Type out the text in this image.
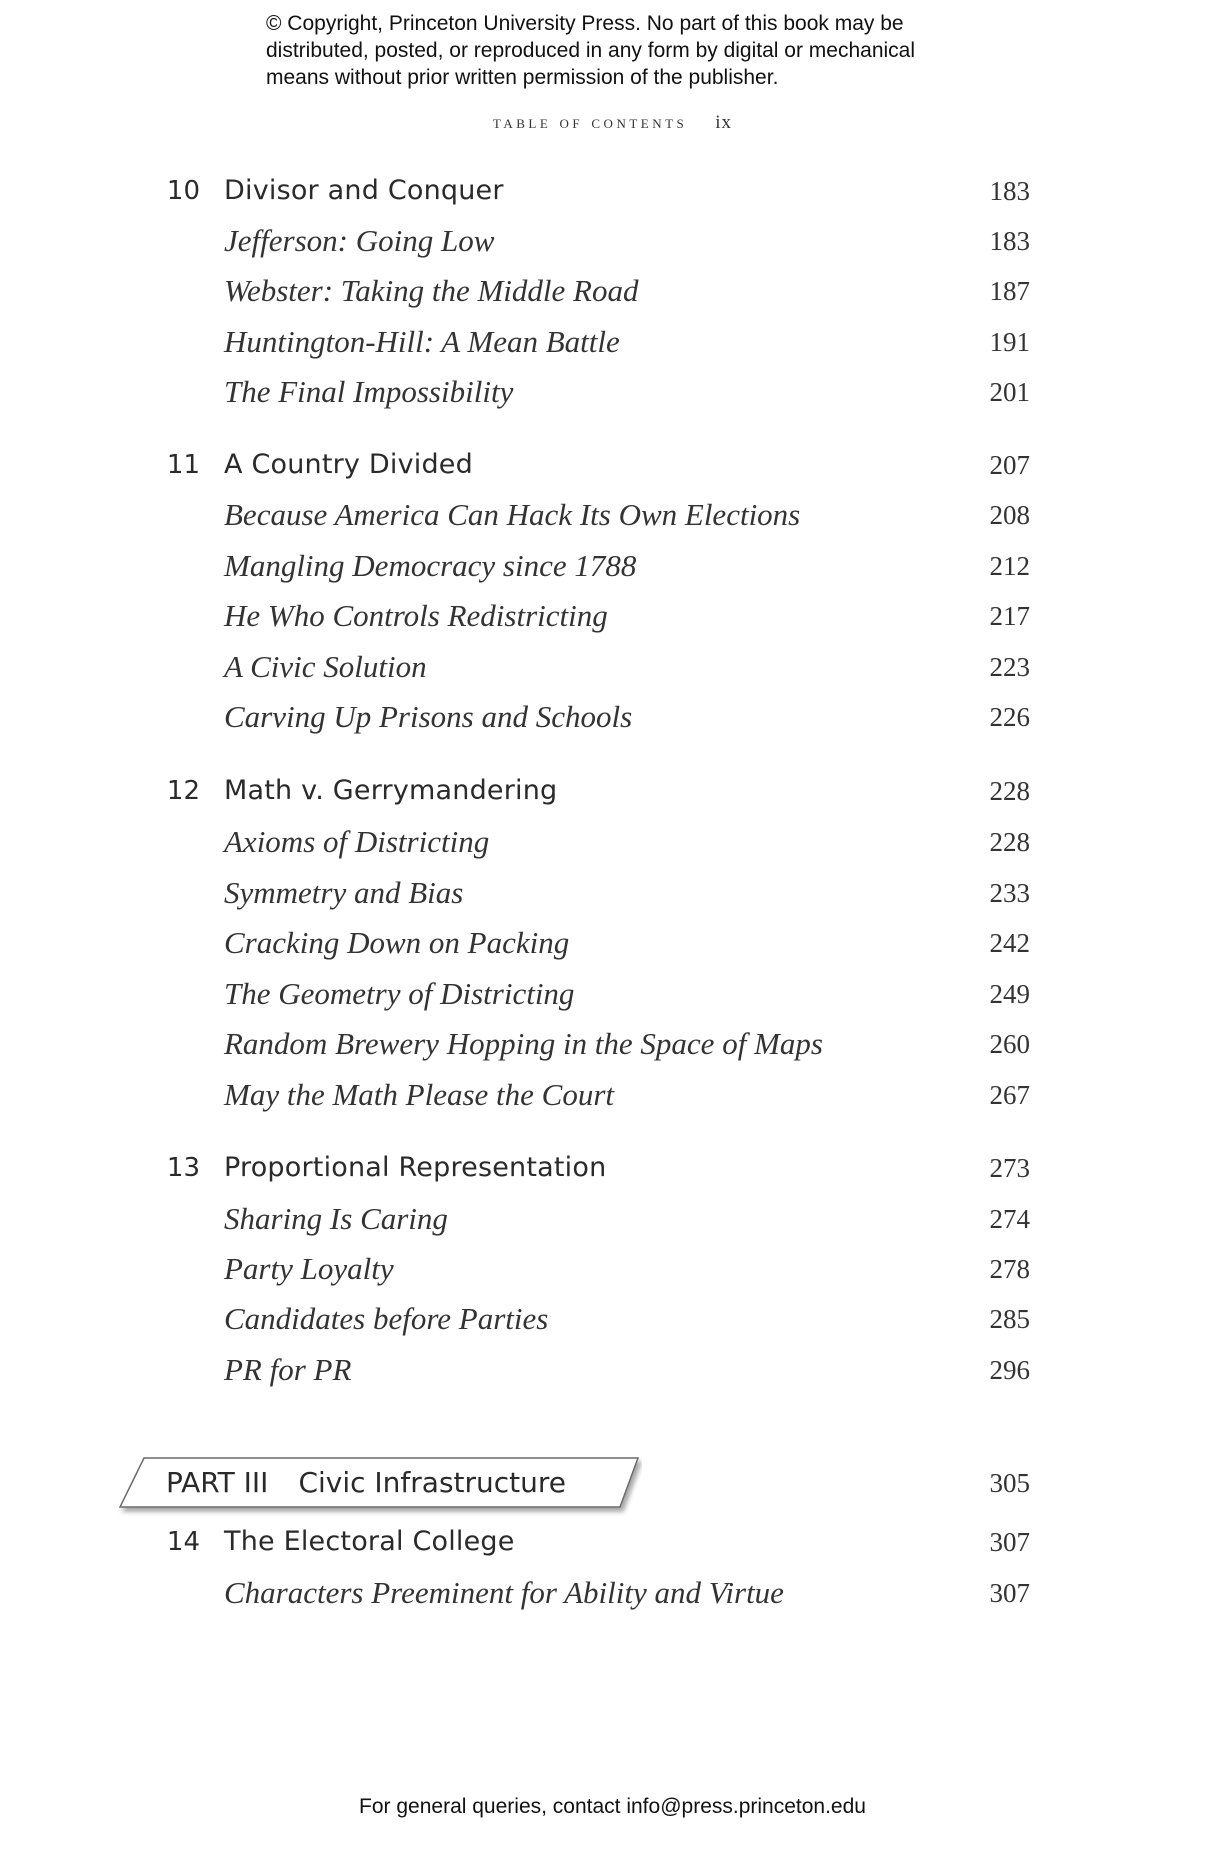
© Copyright, Princeton University Press. No part of this book may be
distributed, posted, or reproduced in any form by digital or mechanical
means without prior written permission of the publisher.

table of contents ix

10 Divisor and Conquer	183
Jefferson: Going Low	183
Webster: Taking the Middle Road	187
Huntington-Hill: A Mean Battle	191
The Final Impossibility	201
11 A Country Divided	207
Because America Can Hack Its Own Elections	208
Mangling Democracy since 1788	212
He Who Controls Redistricting	217
A Civic Solution	223
Carving Up Prisons and Schools	226
12 Math v. Gerrymandering	228
Axioms of Districting	228
Symmetry and Bias	233
Cracking Down on Packing	242
The Geometry of Districting	249
Random Brewery Hopping in the Space of Maps	260
May the Math Please the Court	267
13 Proportional Representation	273
Sharing Is Caring	274
Party Loyalty	278
Candidates before Parties	285
PR for PR	296
PART III Civic Infrastructure	305
14 The Electoral College	307
Characters Preeminent for Ability and Virtue	307

For general queries, contact info@press.princeton.edu
